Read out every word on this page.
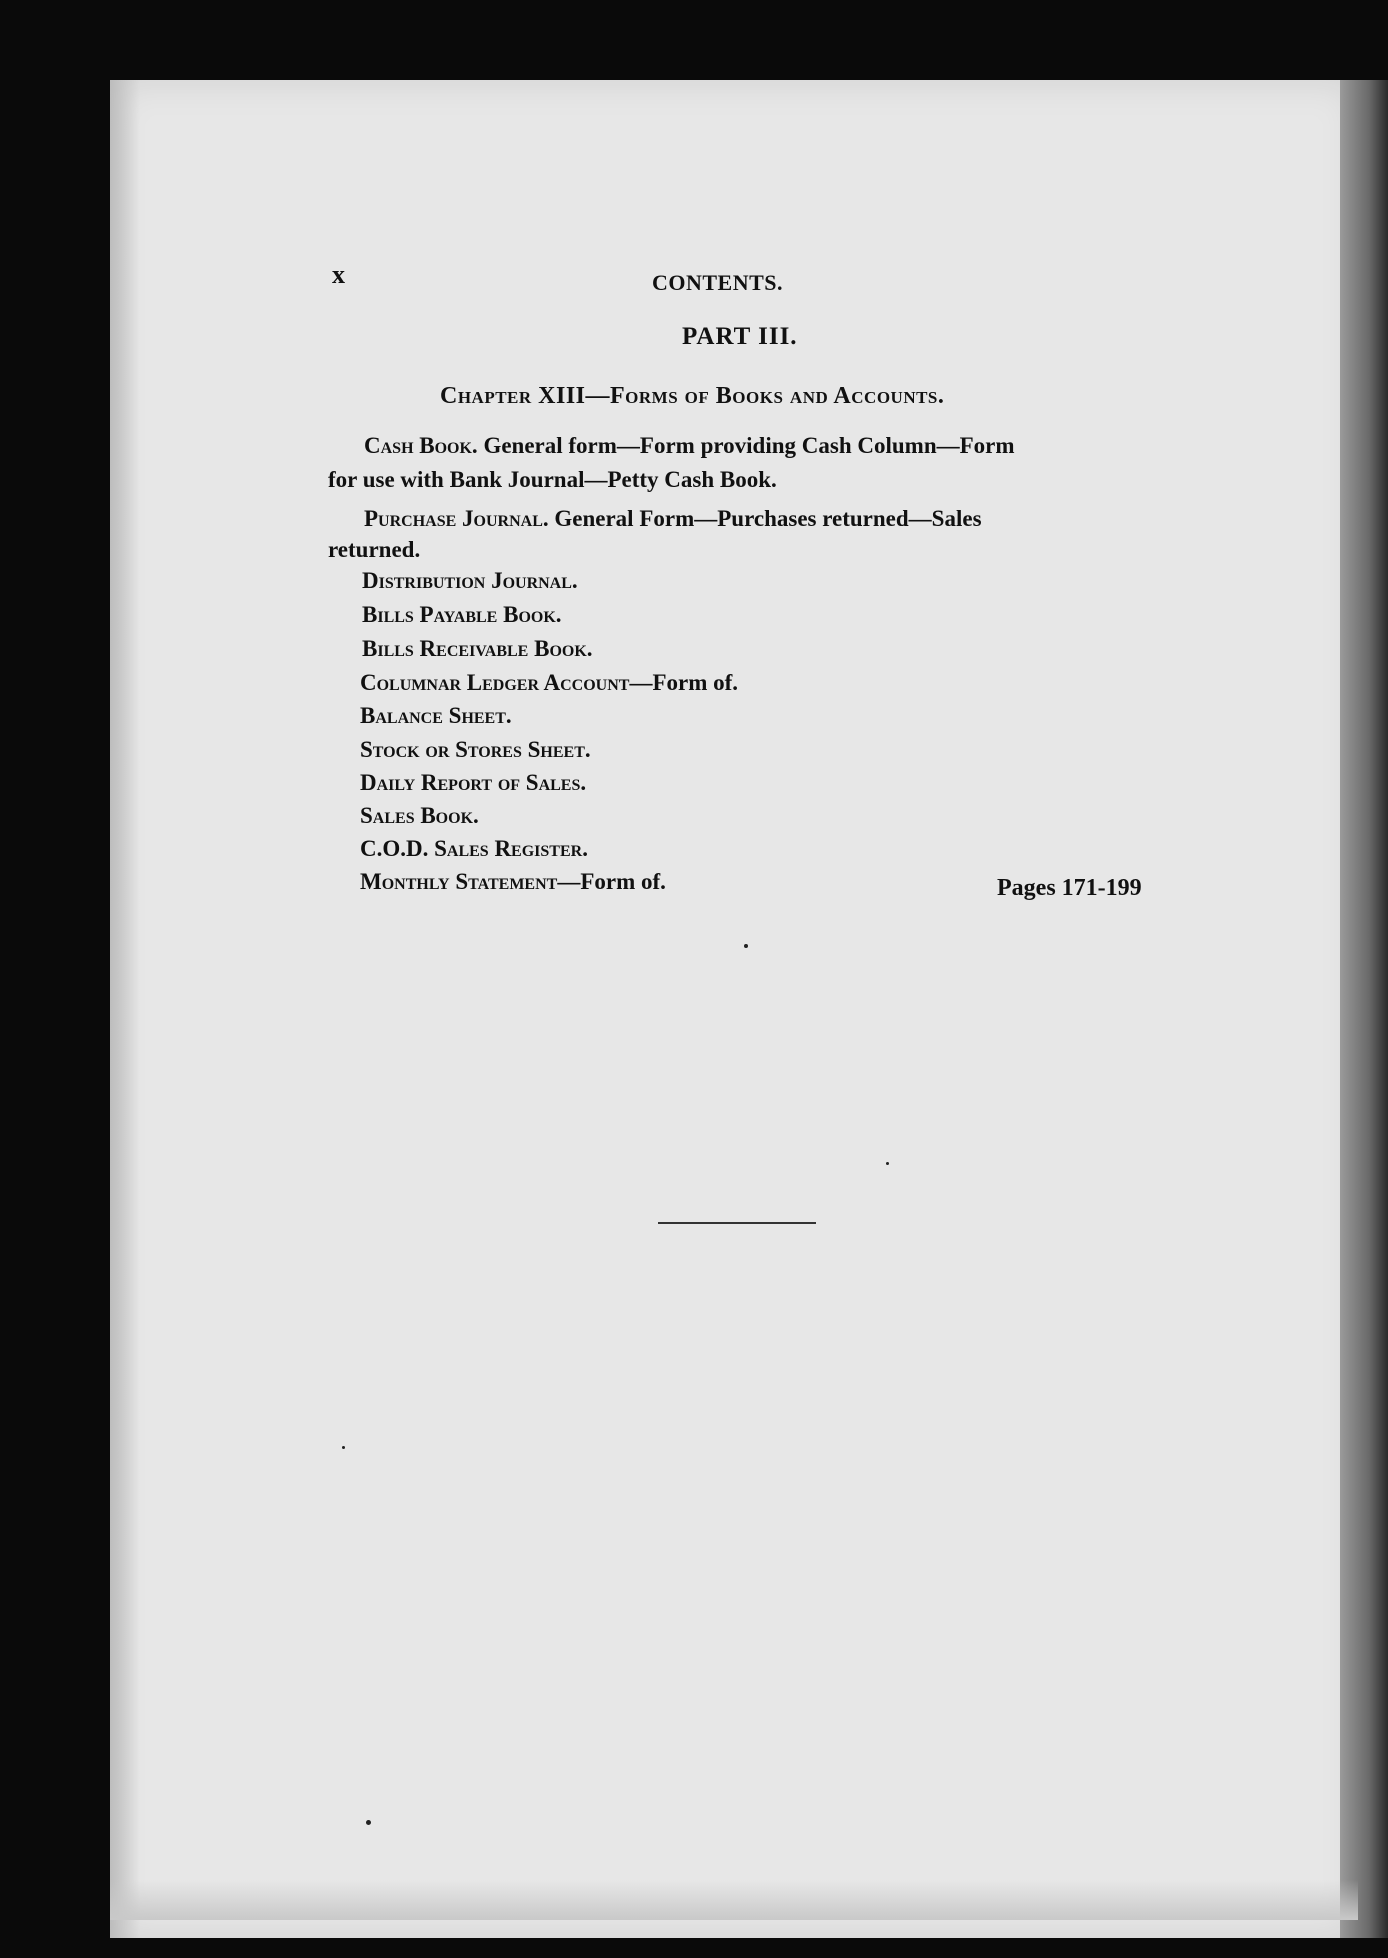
x	CONTENTS.
PART III.
Chapter XIII—Forms of Books and Accounts.
Cash Book. General form—Form providing Cash Column—Form
for use with Bank Journal—Petty Cash Book.
Purchase Journal. General Form—Purchases returned—Sales
returned.
Distribution Journal.
Bills Payable Book.
Bills Receivable Book.
Columnar Ledger Account—Form of.
Balance Sheet.
Stock or Stores Sheet.
Daily Report of Sales.
Sales Book.
C.O.D. Sales Register.
Monthly Statement—Form of.	Pages 171-199
